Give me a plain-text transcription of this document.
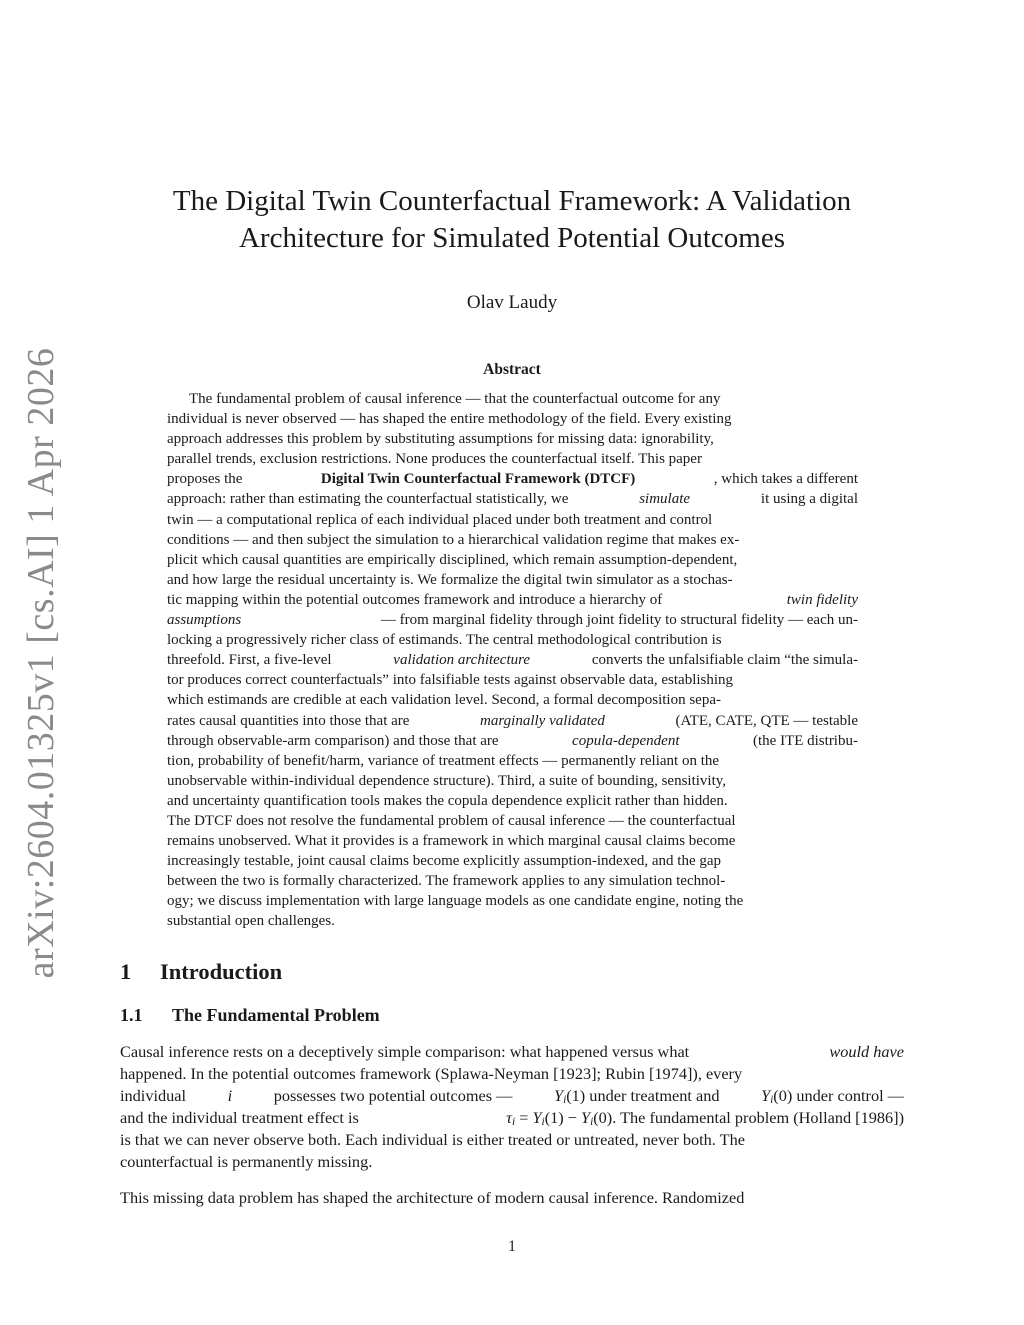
arXiv:2604.01325v1 [cs.AI] 1 Apr 2026
The Digital Twin Counterfactual Framework: A Validation
Architecture for Simulated Potential Outcomes
Olav Laudy
Abstract
The fundamental problem of causal inference — that the counterfactual outcome for any
individual is never observed — has shaped the entire methodology of the field. Every existing
approach addresses this problem by substituting assumptions for missing data: ignorability,
parallel trends, exclusion restrictions. None produces the counterfactual itself. This paper
proposes the	Digital Twin Counterfactual Framework (DTCF)	, which takes a different
approach: rather than estimating the counterfactual statistically, we	simulate	it using a digital
twin — a computational replica of each individual placed under both treatment and control
conditions — and then subject the simulation to a hierarchical validation regime that makes ex-
plicit which causal quantities are empirically disciplined, which remain assumption-dependent,
and how large the residual uncertainty is. We formalize the digital twin simulator as a stochas-
tic mapping within the potential outcomes framework and introduce a hierarchy of	twin fidelity
assumptions	— from marginal fidelity through joint fidelity to structural fidelity — each un-
locking a progressively richer class of estimands. The central methodological contribution is
threefold. First, a five-level	validation architecture	converts the unfalsifiable claim “the simula-
tor produces correct counterfactuals” into falsifiable tests against observable data, establishing
which estimands are credible at each validation level. Second, a formal decomposition sepa-
rates causal quantities into those that are	marginally validated	(ATE, CATE, QTE — testable
through observable-arm comparison) and those that are	copula-dependent	(the ITE distribu-
tion, probability of benefit/harm, variance of treatment effects — permanently reliant on the
unobservable within-individual dependence structure). Third, a suite of bounding, sensitivity,
and uncertainty quantification tools makes the copula dependence explicit rather than hidden.
The DTCF does not resolve the fundamental problem of causal inference — the counterfactual
remains unobserved. What it provides is a framework in which marginal causal claims become
increasingly testable, joint causal claims become explicitly assumption-indexed, and the gap
between the two is formally characterized. The framework applies to any simulation technol-
ogy; we discuss implementation with large language models as one candidate engine, noting the
substantial open challenges.
1 Introduction
1.1 The Fundamental Problem
Causal inference rests on a deceptively simple comparison: what happened versus what	would have
happened. In the potential outcomes framework (Splawa-Neyman [1923]; Rubin [1974]), every
individual	i	possesses two potential outcomes —	$Y_i(1)$ under treatment and	$Y_i(0)$ under control —
and the individual treatment effect is	$\tau_i = Y_i(1) - Y_i(0)$. The fundamental problem (Holland [1986])
is that we can never observe both. Each individual is either treated or untreated, never both. The
counterfactual is permanently missing.
This missing data problem has shaped the architecture of modern causal inference. Randomized
1
